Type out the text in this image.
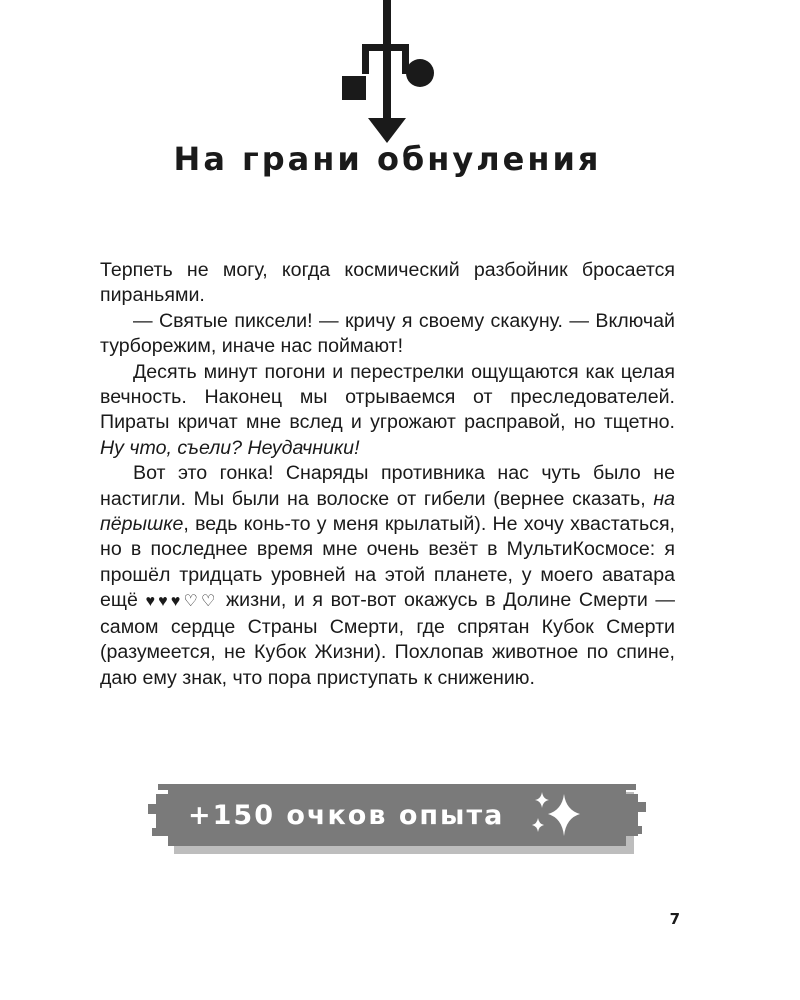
На грани обнуления

Терпеть не могу, когда космический разбойник бросается пираньями.

— Святые пиксели! — кричу я своему скакуну. — Включай турборежим, иначе нас поймают!

Десять минут погони и перестрелки ощущаются как целая вечность. Наконец мы отрываемся от преследователей. Пираты кричат мне вслед и угрожают расправой, но тщетно. Ну что, съели? Неудачники!

Вот это гонка! Снаряды противника нас чуть было не настигли. Мы были на волоске от гибели (вернее сказать, на пёрышке, ведь конь-то у меня крылатый). Не хочу хвастаться, но в последнее время мне очень везёт в МультиКосмосе: я прошёл тридцать уровней на этой планете, у моего аватара ещё ♥♥♥♡♡ жизни, и я вот-вот окажусь в Долине Смерти — самом сердце Страны Смерти, где спрятан Кубок Смерти (разумеется, не Кубок Жизни). Похлопав животное по спине, даю ему знак, что пора приступать к снижению.

+150 очков опыта
7
